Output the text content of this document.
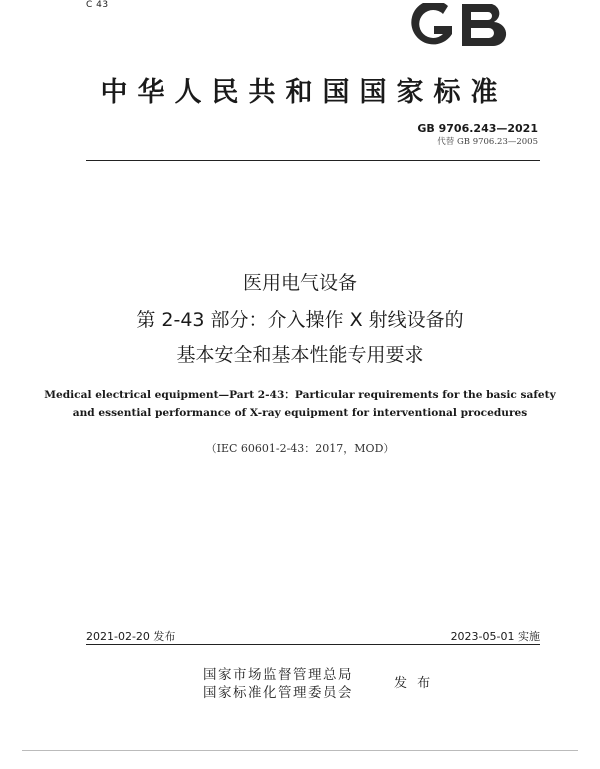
C 43	GB
中华人民共和国国家标准
GB 9706.243—2021
代替 GB 9706.23—2005
医用电气设备
第 2-43 部分：介入操作 X 射线设备的
基本安全和基本性能专用要求
Medical electrical equipment—Part 2-43：Particular requirements for the basic safety
and essential performance of X-ray equipment for interventional procedures
（IEC 60601-2-43：2017，MOD）
2021-02-20 发布	2023-05-01 实施
国家市场监督管理总局
国家标准化管理委员会
发 布
